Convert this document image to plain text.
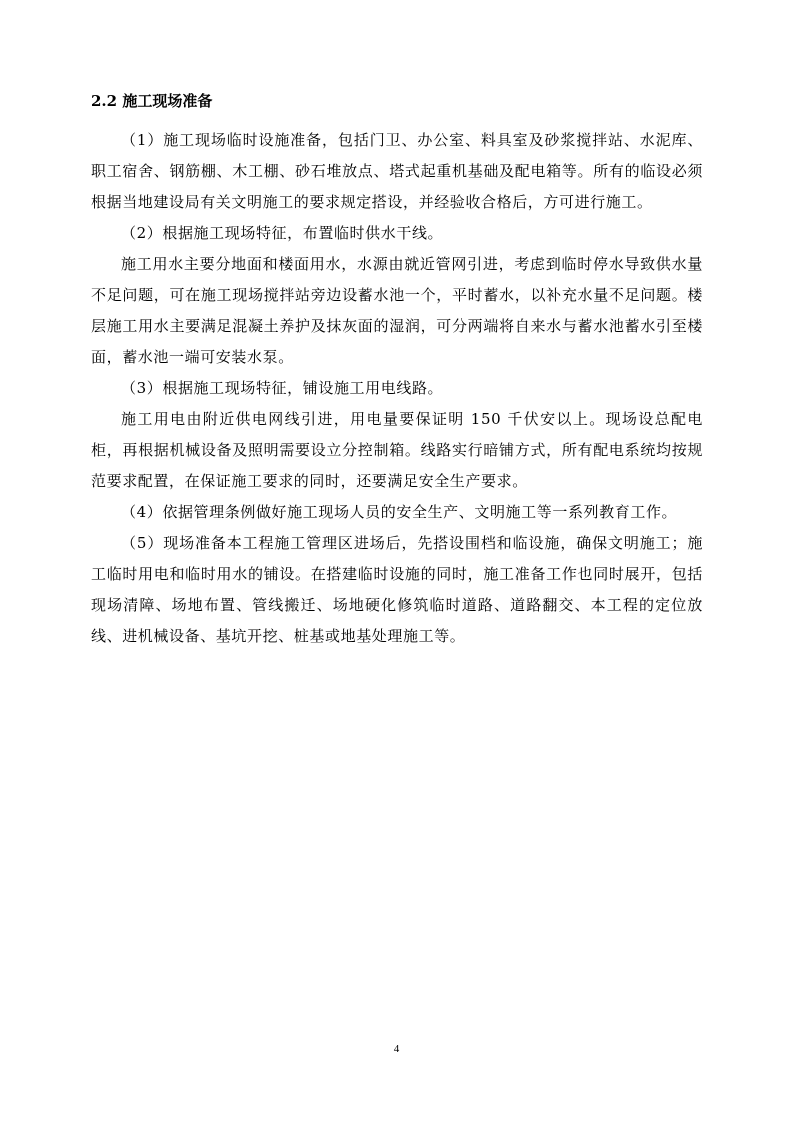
2.2 施工现场准备

（1）施工现场临时设施准备，包括门卫、办公室、料具室及砂浆搅拌站、水泥库、职工宿舍、钢筋棚、木工棚、砂石堆放点、塔式起重机基础及配电箱等。所有的临设必须根据当地建设局有关文明施工的要求规定搭设，并经验收合格后，方可进行施工。

（2）根据施工现场特征，布置临时供水干线。

施工用水主要分地面和楼面用水，水源由就近管网引进，考虑到临时停水导致供水量不足问题，可在施工现场搅拌站旁边设蓄水池一个，平时蓄水，以补充水量不足问题。楼层施工用水主要满足混凝土养护及抹灰面的湿润，可分两端将自来水与蓄水池蓄水引至楼面，蓄水池一端可安装水泵。

（3）根据施工现场特征，铺设施工用电线路。

施工用电由附近供电网线引进，用电量要保证明 150 千伏安以上。现场设总配电柜，再根据机械设备及照明需要设立分控制箱。线路实行暗铺方式，所有配电系统均按规范要求配置，在保证施工要求的同时，还要满足安全生产要求。

（4）依据管理条例做好施工现场人员的安全生产、文明施工等一系列教育工作。

（5）现场准备本工程施工管理区进场后，先搭设围档和临设施，确保文明施工；施工临时用电和临时用水的铺设。在搭建临时设施的同时，施工准备工作也同时展开，包括现场清障、场地布置、管线搬迁、场地硬化修筑临时道路、道路翻交、本工程的定位放线、进机械设备、基坑开挖、桩基或地基处理施工等。

4
